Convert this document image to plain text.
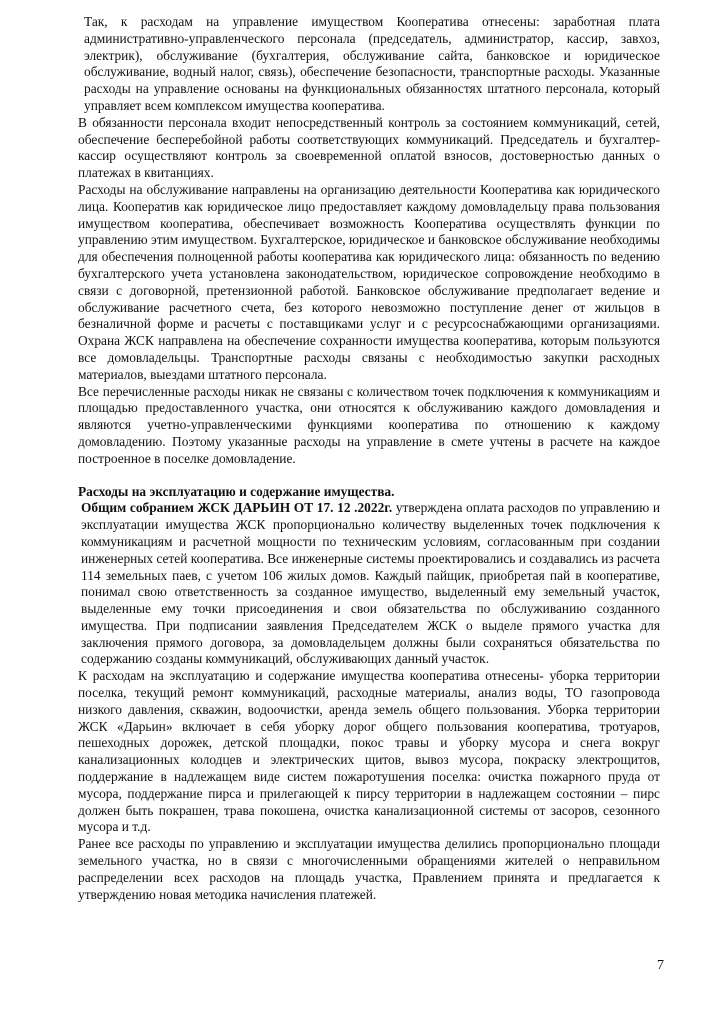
Так, к расходам на управление имуществом Кооператива отнесены: заработная плата административно-управленческого персонала (председатель, администратор, кассир, завхоз, электрик), обслуживание (бухгалтерия, обслуживание сайта, банковское и юридическое обслуживание, водный налог, связь), обеспечение безопасности, транспортные расходы. Указанные расходы на управление основаны на функциональных обязанностях штатного персонала, который управляет всем комплексом имущества кооператива.

В обязанности персонала входит непосредственный контроль за состоянием коммуникаций, сетей, обеспечение бесперебойной работы соответствующих коммуникаций. Председатель и бухгалтер-кассир осуществляют контроль за своевременной оплатой взносов, достоверностью данных о платежах в квитанциях.

Расходы на обслуживание направлены на организацию деятельности Кооператива как юридического лица. Кооператив как юридическое лицо предоставляет каждому домовладельцу права пользования имуществом кооператива, обеспечивает возможность Кооператива осуществлять функции по управлению этим имуществом. Бухгалтерское, юридическое и банковское обслуживание необходимы для обеспечения полноценной работы кооператива как юридического лица: обязанность по ведению бухгалтерского учета установлена законодательством, юридическое сопровождение необходимо в связи с договорной, претензионной работой. Банковское обслуживание предполагает ведение и обслуживание расчетного счета, без которого невозможно поступление денег от жильцов в безналичной форме и расчеты с поставщиками услуг и с ресурсоснабжающими организациями. Охрана ЖСК направлена на обеспечение сохранности имущества кооператива, которым пользуются все домовладельцы. Транспортные расходы связаны с необходимостью закупки расходных материалов, выездами штатного персонала.

Все перечисленные расходы никак не связаны с количеством точек подключения к коммуникациям и площадью предоставленного участка, они относятся к обслуживанию каждого домовладения и являются учетно-управленческими функциями кооператива по отношению к каждому домовладению. Поэтому указанные расходы на управление в смете учтены в расчете на каждое построенное в поселке домовладение.

Расходы на эксплуатацию и содержание имущества.

Общим собранием ЖСК ДАРЬИН ОТ 17. 12 .2022г. утверждена оплата расходов по управлению и эксплуатации имущества ЖСК пропорционально количеству выделенных точек подключения к коммуникациям и расчетной мощности по техническим условиям, согласованным при создании инженерных сетей кооператива. Все инженерные системы проектировались и создавались из расчета 114 земельных паев, с учетом 106 жилых домов. Каждый пайщик, приобретая пай в кооперативе, понимал свою ответственность за созданное имущество, выделенный ему земельный участок, выделенные ему точки присоединения и свои обязательства по обслуживанию созданного имущества. При подписании заявления Председателем ЖСК о выделе прямого участка для заключения прямого договора, за домовладельцем должны были сохраняться обязательства по содержанию созданы коммуникаций, обслуживающих данный участок.

К расходам на эксплуатацию и содержание имущества кооператива отнесены- уборка территории поселка, текущий ремонт коммуникаций, расходные материалы, анализ воды, ТО газопровода низкого давления, скважин, водоочистки, аренда земель общего пользования. Уборка территории ЖСК «Дарьин» включает в себя уборку дорог общего пользования кооператива, тротуаров, пешеходных дорожек, детской площадки, покос травы и уборку мусора и снега вокруг канализационных колодцев и электрических щитов, вывоз мусора, покраску электрощитов, поддержание в надлежащем виде систем пожаротушения поселка: очистка пожарного пруда от мусора, поддержание пирса и прилегающей к пирсу территории в надлежащем состоянии – пирс должен быть покрашен, трава покошена, очистка канализационной системы от засоров, сезонного мусора и т.д.

Ранее все расходы по управлению и эксплуатации имущества делились пропорционально площади земельного участка, но в связи с многочисленными обращениями жителей о неправильном распределении всех расходов на площадь участка, Правлением принята и предлагается к утверждению новая методика начисления платежей.

7
